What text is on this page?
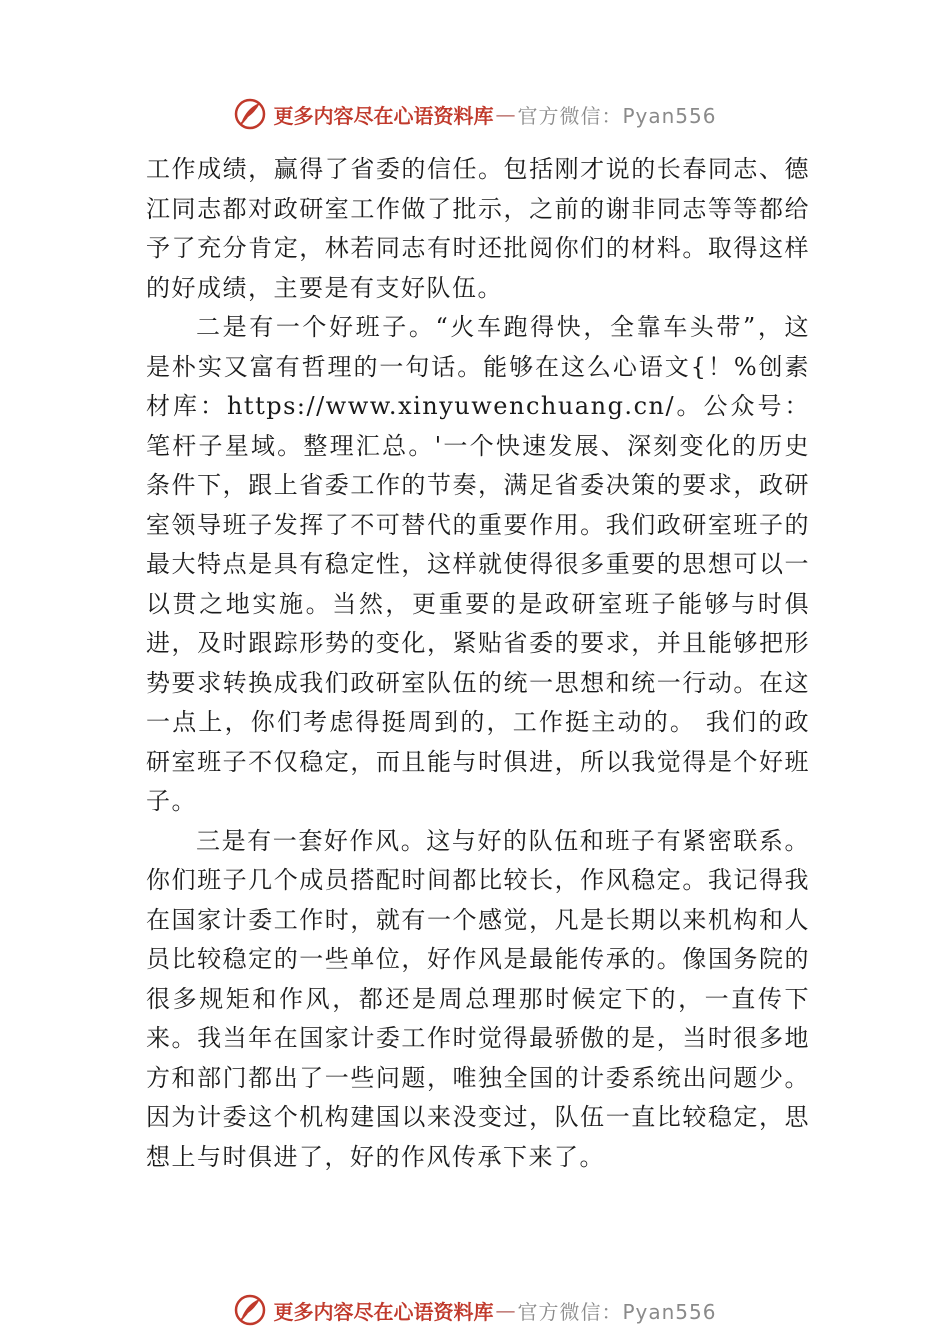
更多内容尽在心语资料库 — 官方微信：Pyan556

工作成绩，赢得了省委的信任。包括刚才说的长春同志、德江同志都对政研室工作做了批示，之前的谢非同志等等都给予了充分肯定，林若同志有时还批阅你们的材料。取得这样的好成绩，主要是有支好队伍。

二是有一个好班子。“火车跑得快，全靠车头带”，这是朴实又富有哲理的一句话。能够在这么心语文{！%创素材库：https://www.xinyuwenchuang.cn/。公众号：笔杆子星域。整理汇总。'一个快速发展、深刻变化的历史条件下，跟上省委工作的节奏，满足省委决策的要求，政研室领导班子发挥了不可替代的重要作用。我们政研室班子的最大特点是具有稳定性，这样就使得很多重要的思想可以一以贯之地实施。当然，更重要的是政研室班子能够与时俱进，及时跟踪形势的变化，紧贴省委的要求，并且能够把形势要求转换成我们政研室队伍的统一思想和统一行动。在这一点上，你们考虑得挺周到的，工作挺主动的。 我们的政研室班子不仅稳定，而且能与时俱进，所以我觉得是个好班子。

三是有一套好作风。这与好的队伍和班子有紧密联系。你们班子几个成员搭配时间都比较长，作风稳定。我记得我在国家计委工作时，就有一个感觉，凡是长期以来机构和人员比较稳定的一些单位，好作风是最能传承的。像国务院的很多规矩和作风，都还是周总理那时候定下的，一直传下来。我当年在国家计委工作时觉得最骄傲的是，当时很多地方和部门都出了一些问题，唯独全国的计委系统出问题少。因为计委这个机构建国以来没变过，队伍一直比较稳定，思想上与时俱进了，好的作风传承下来了。

更多内容尽在心语资料库 — 官方微信：Pyan556
